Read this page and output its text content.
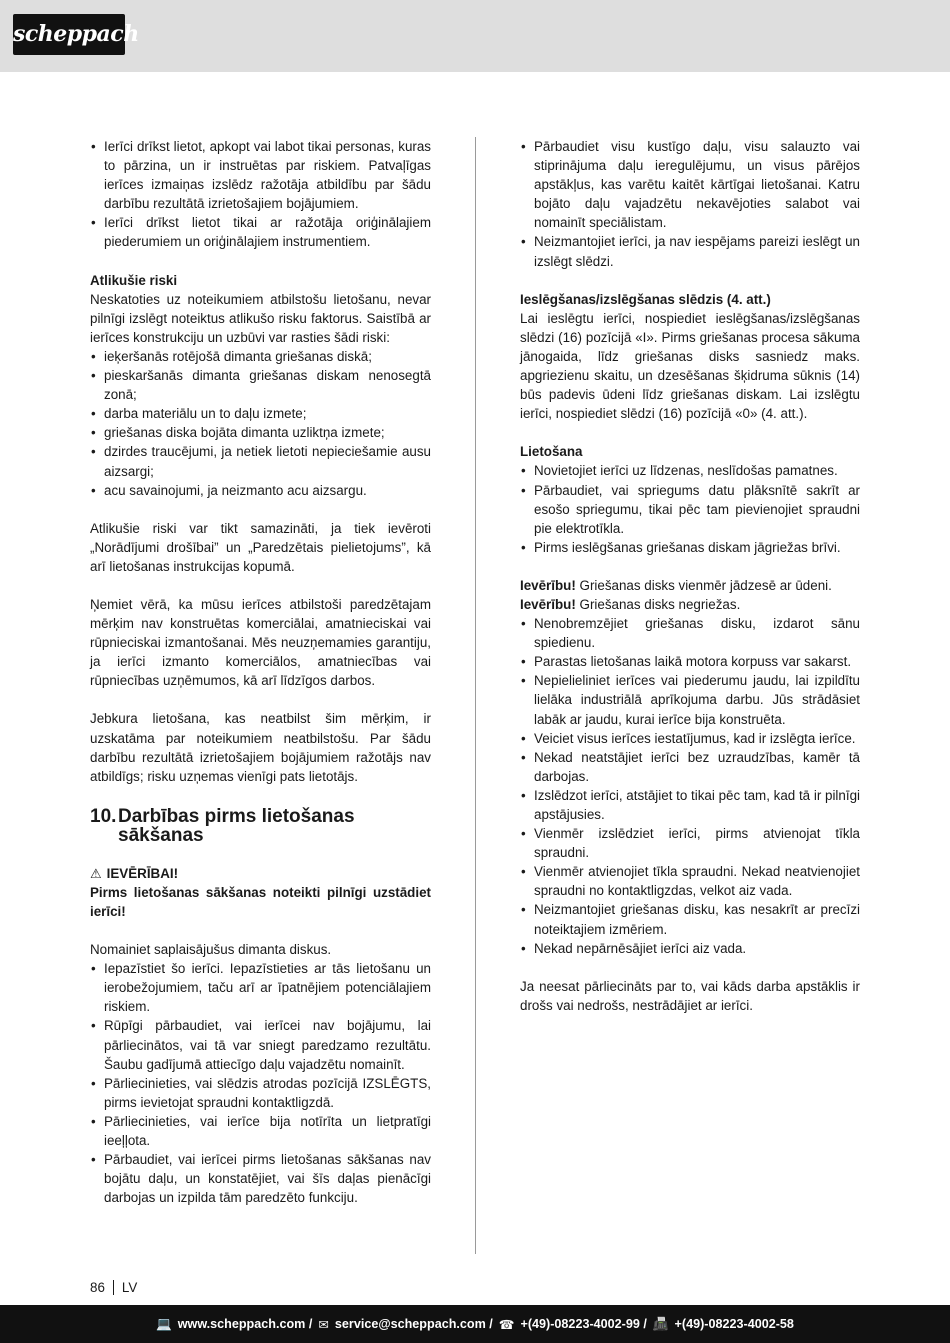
scheppach
• Ierīci drīkst lietot, apkopt vai labot tikai personas, kuras to pārzina, un ir instruētas par riskiem. Patvaļīgas ierīces izmaiņas izslēdz ražotāja atbildību par šādu darbību rezultātā izrietošajiem bojājumiem.
• Ierīci drīkst lietot tikai ar ražotāja oriģinālajiem piederumiem un oriģinālajiem instrumentiem.
Atlikušie riski
Neskatoties uz noteikumiem atbilstošu lietošanu, nevar pilnīgi izslēgt noteiktus atlikušo risku faktorus. Saistībā ar ierīces konstrukciju un uzbūvi var rasties šādi riski:
• ieķeršanās rotējošā dimanta griešanas diskā;
• pieskaršanās dimanta griešanas diskam nenosegtā zonā;
• darba materiālu un to daļu izmete;
• griešanas diska bojāta dimanta uzliktņa izmete;
• dzirdes traucējumi, ja netiek lietoti nepieciešamie ausu aizsargi;
• acu savainojumi, ja neizmanto acu aizsargu.
Atlikušie riski var tikt samazināti, ja tiek ievēroti „Norādījumi drošībai” un „Paredzētais pielietojums”, kā arī lietošanas instrukcijas kopumā.
Ņemiet vērā, ka mūsu ierīces atbilstoši paredzētajam mērķim nav konstruētas komerciālai, amatnieciskai vai rūpnieciskai izmantošanai. Mēs neuzņemamies garantiju, ja ierīci izmanto komerciālos, amatniecības vai rūpniecības uzņēmumos, kā arī līdzīgos darbos.
Jebkura lietošana, kas neatbilst šim mērķim, ir uzskatāma par noteikumiem neatbilstošu. Par šādu darbību rezultātā izrietošajiem bojājumiem ražotājs nav atbildīgs; risku uzņemas vienīgi pats lietotājs.
10. Darbības pirms lietošanas
sākšanas
⚠ IEVĒRĪBAI!
Pirms lietošanas sākšanas noteikti pilnīgi uzstādiet ierīci!
Nomainiet saplaisājušus dimanta diskus.
• Iepazīstiet šo ierīci. Iepazīstieties ar tās lietošanu un ierobežojumiem, taču arī ar īpatnējiem potenciālajiem riskiem.
• Rūpīgi pārbaudiet, vai ierīcei nav bojājumu, lai pārliecinātos, vai tā var sniegt paredzamo rezultātu. Šaubu gadījumā attiecīgo daļu vajadzētu nomainīt.
• Pārliecinieties, vai slēdzis atrodas pozīcijā IZSLĒGTS, pirms ievietojat spraudni kontaktligzdā.
• Pārliecinieties, vai ierīce bija notīrīta un lietpratīgi ieeļļota.
• Pārbaudiet, vai ierīcei pirms lietošanas sākšanas nav bojātu daļu, un konstatējiet, vai šīs daļas pienācīgi darbojas un izpilda tām paredzēto funkciju.
• Pārbaudiet visu kustīgo daļu, visu salauzto vai stiprinājuma daļu ieregulējumu, un visus pārējos apstākļus, kas varētu kaitēt kārtīgai lietošanai. Katru bojāto daļu vajadzētu nekavējoties salabot vai nomainīt speciālistam.
• Neizmantojiet ierīci, ja nav iespējams pareizi ieslēgt un izslēgt slēdzi.
Ieslēgšanas/izslēgšanas slēdzis (4. att.)
Lai ieslēgtu ierīci, nospiediet ieslēgšanas/izslēgšanas slēdzi (16) pozīcijā «I». Pirms griešanas procesa sākuma jānogaida, līdz griešanas disks sasniedz maks. apgriezienu skaitu, un dzesēšanas šķidruma sūknis (14) būs padevis ūdeni līdz griešanas diskam. Lai izslēgtu ierīci, nospiediet slēdzi (16) pozīcijā «0» (4. att.).
Lietošana
• Novietojiet ierīci uz līdzenas, neslīdošas pamatnes.
• Pārbaudiet, vai spriegums datu plāksnītē sakrīt ar esošo spriegumu, tikai pēc tam pievienojiet spraudni pie elektrotīkla.
• Pirms ieslēgšanas griešanas diskam jāgriežas brīvi.
Ievērību! Griešanas disks vienmēr jādzesē ar ūdeni.
Ievērību! Griešanas disks negriežas.
• Nenobremzējiet griešanas disku, izdarot sānu spiedienu.
• Parastas lietošanas laikā motora korpuss var sakarst.
• Nepielieliniet ierīces vai piederumu jaudu, lai izpildītu lielāka industriālā aprīkojuma darbu. Jūs strādāsiet labāk ar jaudu, kurai ierīce bija konstruēta.
• Veiciet visus ierīces iestatījumus, kad ir izslēgta ierīce.
• Nekad neatstājiet ierīci bez uzraudzības, kamēr tā darbojas.
• Izslēdzot ierīci, atstājiet to tikai pēc tam, kad tā ir pilnīgi apstājusies.
• Vienmēr izslēdziet ierīci, pirms atvienojat tīkla spraudni.
• Vienmēr atvienojiet tīkla spraudni. Nekad neatvienojiet spraudni no kontaktligzdas, velkot aiz vada.
• Neizmantojiet griešanas disku, kas nesakrīt ar precīzi noteiktajiem izmēriem.
• Nekad nepārnēsājiet ierīci aiz vada.
Ja neesat pārliecināts par to, vai kāds darba apstāklis ir drošs vai nedrošs, nestrādājiet ar ierīci.
86 LV
💻 www.scheppach.com / ✉ service@scheppach.com / ☎ +(49)-08223-4002-99 / 📠 +(49)-08223-4002-58
